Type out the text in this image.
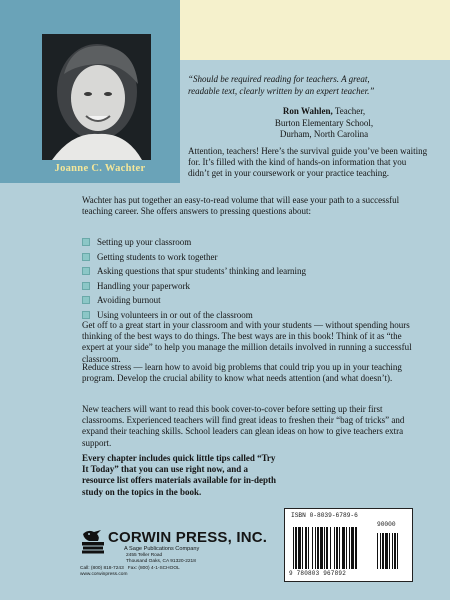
Joanne C. Wachter
“Should be required reading for teachers. A great, readable text, clearly written by an expert teacher.”
Ron Wahlen, Teacher,
Burton Elementary School,
Durham, North Carolina
Attention, teachers! Here’s the survival guide you’ve been waiting for. It’s filled with the kind of hands-on information that you didn’t get in your coursework or your practice teaching.
Wachter has put together an easy-to-read volume that will ease your path to a successful teaching career. She offers answers to pressing questions about:
Setting up your classroom
Getting students to work together
Asking questions that spur students’ thinking and learning
Handling your paperwork
Avoiding burnout
Using volunteers in or out of the classroom
Get off to a great start in your classroom and with your students — without spending hours thinking of the best ways to do things. The best ways are in this book! Think of it as “the expert at your side” to help you manage the million details involved in running a successful classroom.
Reduce stress — learn how to avoid big problems that could trip you up in your teaching program. Develop the crucial ability to know what needs attention (and what doesn’t).
New teachers will want to read this book cover-to-cover before setting up their first classrooms. Experienced teachers will find great ideas to freshen their “bag of tricks” and expand their teaching skills. School leaders can glean ideas on how to give teachers extra support.
Every chapter includes quick little tips called “Try It Today” that you can use right now, and a resource list offers materials available for in-depth study on the topics in the book.
CORWIN PRESS, INC.
A Sage Publications Company
2455 Teller Road
Thousand Oaks, CA 91320-2218
Call: (800) 818-7243 Fax: (800) 4-1-SCHOOL
www.corwinpress.com
ISBN 0-8039-6789-6
90000
9 780803 967892
